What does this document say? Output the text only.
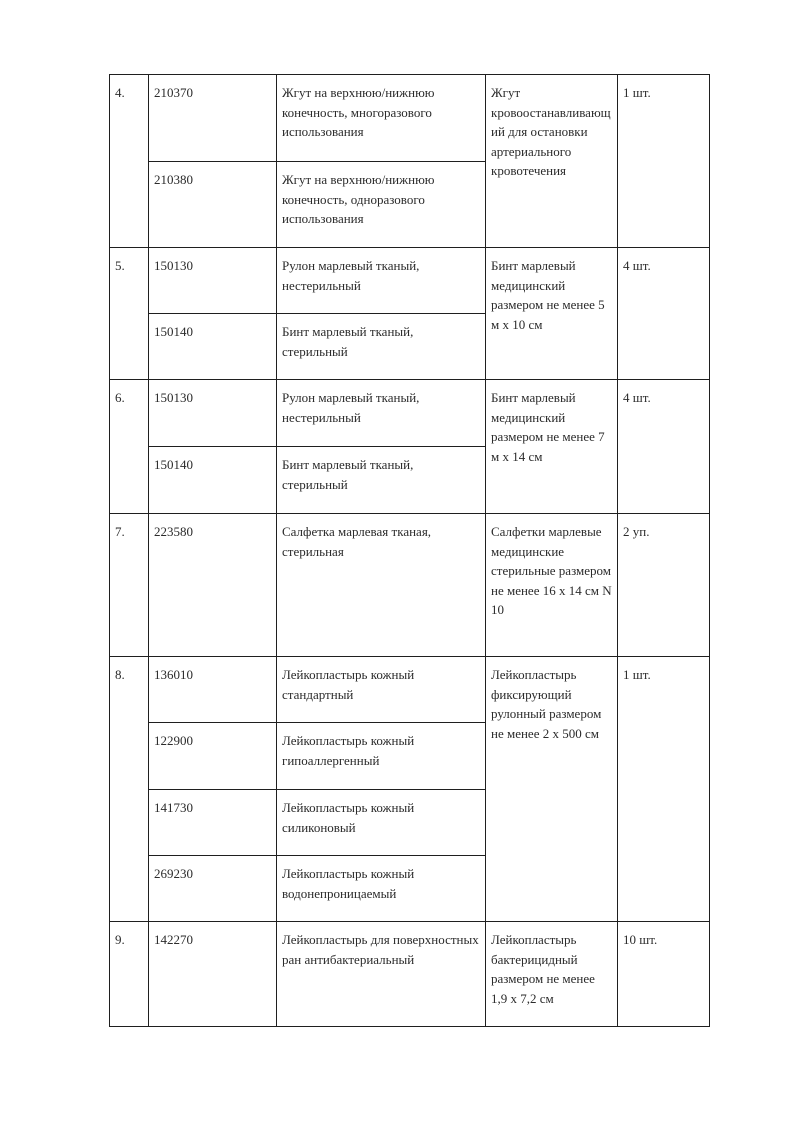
4.	210370	Жгут на верхнюю/нижнюю конечность, многоразового использования	Жгут кровоостанавливающий для остановки артериального кровотечения	1 шт.
	210380	Жгут на верхнюю/нижнюю конечность, одноразового использования		
5.	150130	Рулон марлевый тканый, нестерильный	Бинт марлевый медицинский размером не менее 5 м х 10 см	4 шт.
	150140	Бинт марлевый тканый, стерильный		
6.	150130	Рулон марлевый тканый, нестерильный	Бинт марлевый медицинский размером не менее 7 м х 14 см	4 шт.
	150140	Бинт марлевый тканый, стерильный		
7.	223580	Салфетка марлевая тканая, стерильная	Салфетки марлевые медицинские стерильные размером не менее 16 х 14 см N 10	2 уп.
8.	136010	Лейкопластырь кожный стандартный	Лейкопластырь фиксирующий рулонный размером не менее 2 х 500 см	1 шт.
	122900	Лейкопластырь кожный гипоаллергенный		
	141730	Лейкопластырь кожный силиконовый		
	269230	Лейкопластырь кожный водонепроницаемый		
9.	142270	Лейкопластырь для поверхностных ран антибактериальный	Лейкопластырь бактерицидный размером не менее 1,9 х 7,2 см	10 шт.
